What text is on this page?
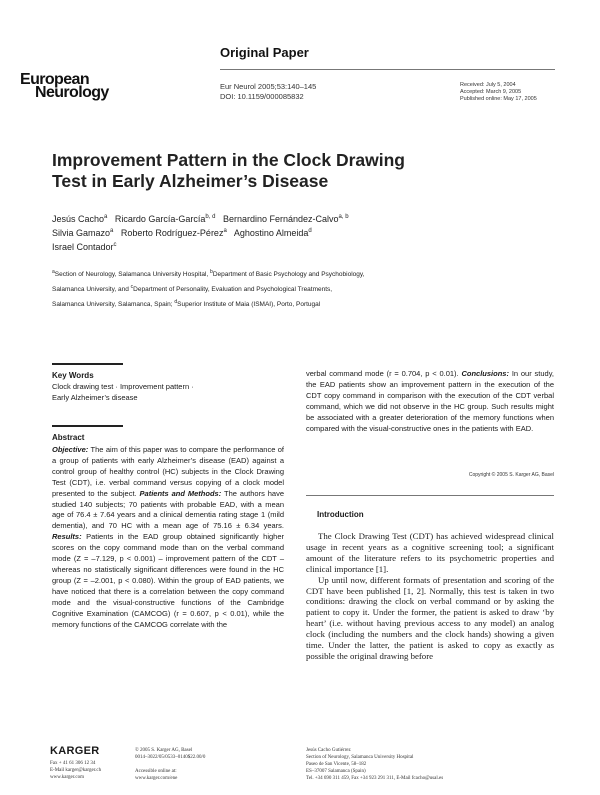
European
Neurology
Original Paper
Eur Neurol 2005;53:140–145
DOI: 10.1159/000085832
Received: July 5, 2004
Accepted: March 9, 2005
Published online: May 17, 2005
Improvement Pattern in the Clock Drawing
Test in Early Alzheimer’s Disease
Jesús Cacho$^a$ Ricardo García-García$^{b, d}$ Bernardino Fernández-Calvo$^{a, b}$
Silvia Gamazo$^a$ Roberto Rodríguez-Pérez$^a$ Aghostino Almeida$^d$
Israel Contador$^c$
$^a$Section of Neurology, Salamanca University Hospital, $^b$Department of Basic Psychology and Psychobiology,
Salamanca University, and $^c$Department of Personality, Evaluation and Psychological Treatments,
Salamanca University, Salamanca, Spain; $^d$Superior Institute of Maia (ISMAI), Porto, Portugal
Key Words
Clock drawing test · Improvement pattern ·
Early Alzheimer’s disease
Abstract
Objective: The aim of this paper was to compare the performance of a group of patients with early Alzheimer’s disease (EAD) against a control group of healthy control (HC) subjects in the Clock Drawing Test (CDT), i.e. verbal command versus copying of a clock model presented to the subject. Patients and Methods: The authors have studied 140 subjects; 70 patients with probable EAD, with a mean age of 76.4 ± 7.64 years and a clinical dementia rating stage 1 (mild dementia), and 70 HC with a mean age of 75.16 ± 6.34 years. Results: Patients in the EAD group obtained significantly higher scores on the copy command mode than on the verbal command mode (Z = –7.129, p < 0.001) – improvement pattern of the CDT – whereas no statistically significant differences were found in the HC group (Z = –2.001, p < 0.080). Within the group of EAD patients, we have noticed that there is a correlation between the copy command mode and the visual-constructive functions of the Cambridge Cognitive Examination (CAMCOG) (r = 0.607, p < 0.01), while the memory functions of the CAMCOG correlate with the
verbal command mode (r = 0.704, p < 0.01). Conclusions: In our study, the EAD patients show an improvement pattern in the execution of the CDT copy command in comparison with the execution of the CDT verbal command, which we did not observe in the HC group. Such results might be associated with a greater deterioration of the memory functions when compared with the visual-constructive ones in the patients with EAD.
Copyright © 2005 S. Karger AG, Basel
Introduction

The Clock Drawing Test (CDT) has achieved widespread clinical usage in recent years as a cognitive screening tool; a significant amount of the literature refers to its psychometric properties and clinical importance [1].

Up until now, different formats of presentation and scoring of the CDT have been published [1, 2]. Normally, this test is taken in two conditions: drawing the clock on verbal command or by asking the patient to copy it. Under the former, the patient is asked to draw ‘by heart’ (i.e. without having previous access to any model) an analog clock (including the numbers and the clock hands) showing a given time. Under the latter, the patient is asked to copy as exactly as possible the original drawing before

KARGER
Fax + 41 61 306 12 34
E-Mail karger@karger.ch
www.karger.com
© 2005 S. Karger AG, Basel
0014–3022/05/0533–0140$22.00/0
Accessible online at:
www.karger.com/ene
Jesús Cacho Gutiérrez
Section of Neurology, Salamanca University Hospital
Paseo de San Vicente, 58–182
ES–37007 Salamanca (Spain)
Tel. +34 690 311 459, Fax +34 923 291 311, E-Mail fcacho@usal.es
